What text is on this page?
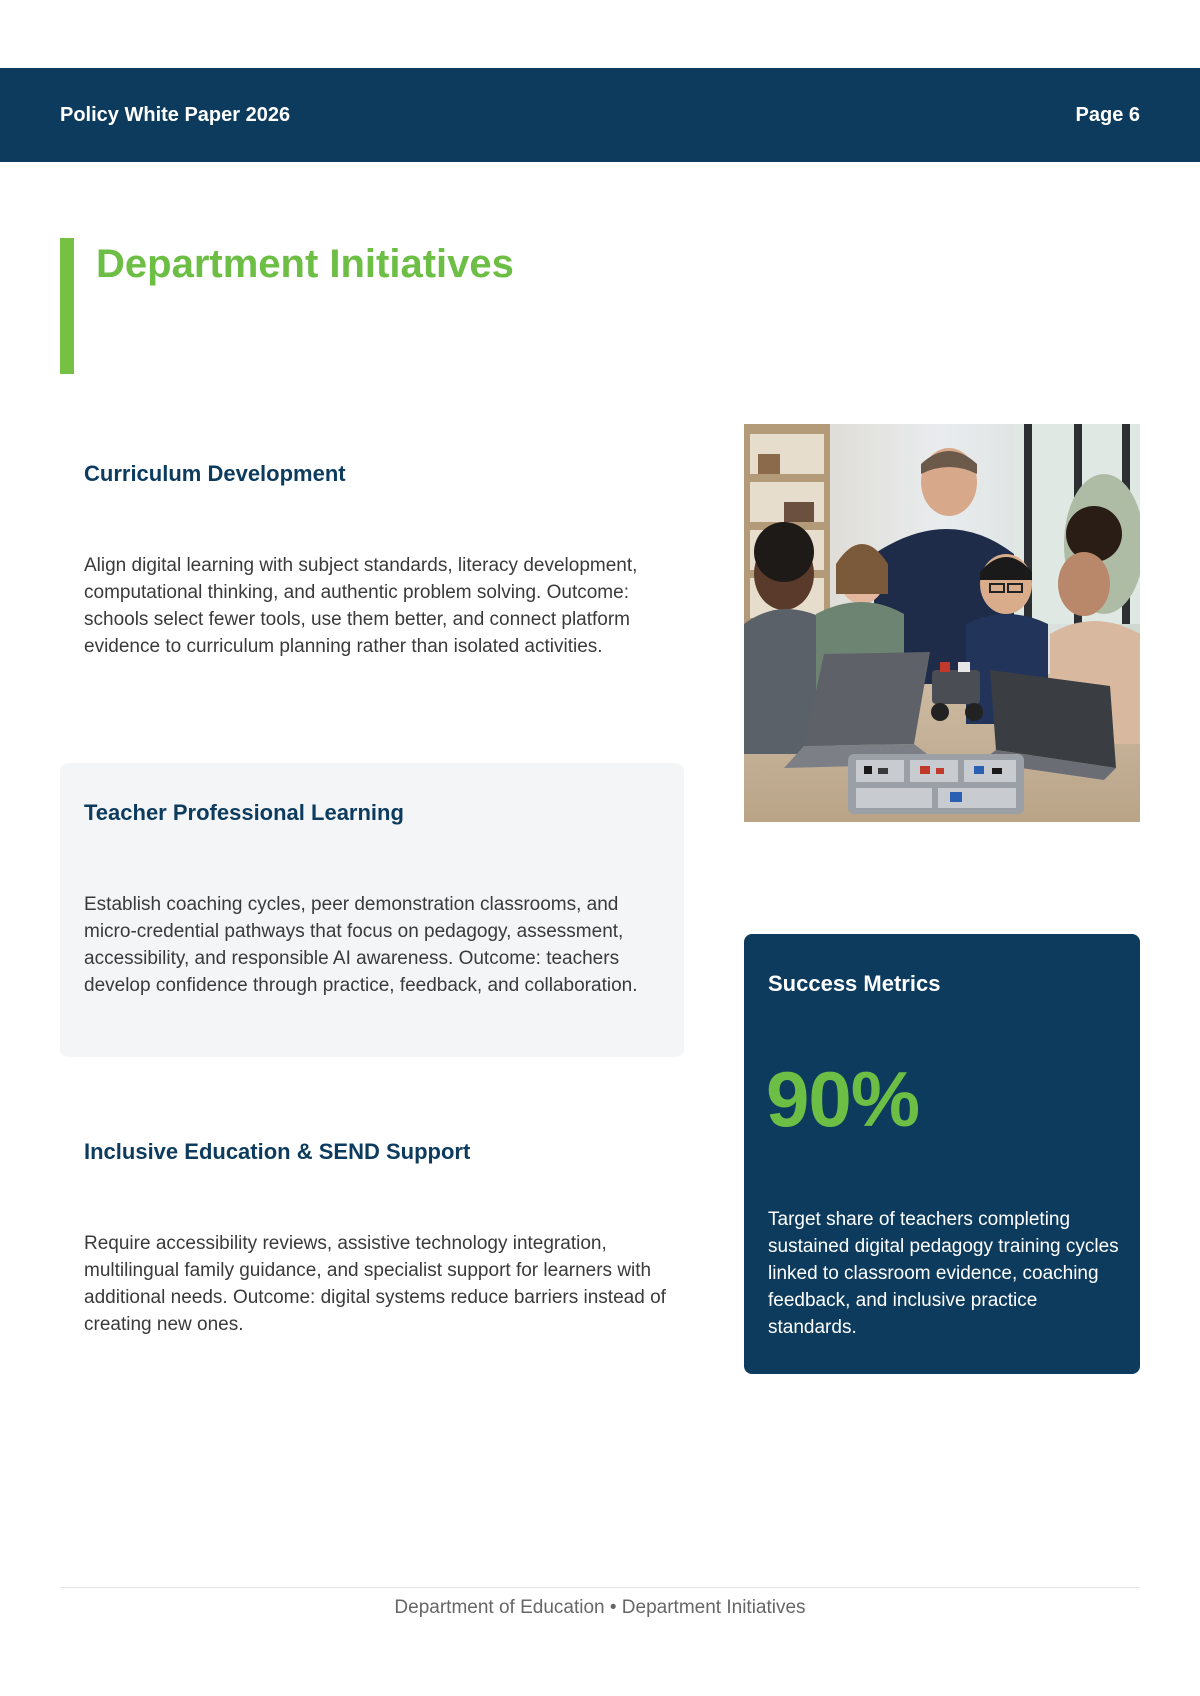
Policy White Paper 2026	Page 6
Department Initiatives
Curriculum Development

Align digital learning with subject standards, literacy development, computational thinking, and authentic problem solving. Outcome: schools select fewer tools, use them better, and connect platform evidence to curriculum planning rather than isolated activities.

Teacher Professional Learning

Establish coaching cycles, peer demonstration classrooms, and micro-credential pathways that focus on pedagogy, assessment, accessibility, and responsible AI awareness. Outcome: teachers develop confidence through practice, feedback, and collaboration.

Inclusive Education & SEND Support

Require accessibility reviews, assistive technology integration, multilingual family guidance, and specialist support for learners with additional needs. Outcome: digital systems reduce barriers instead of creating new ones.

Success Metrics
90%
Target share of teachers completing sustained digital pedagogy training cycles linked to classroom evidence, coaching feedback, and inclusive practice standards.
Department of Education • Department Initiatives
